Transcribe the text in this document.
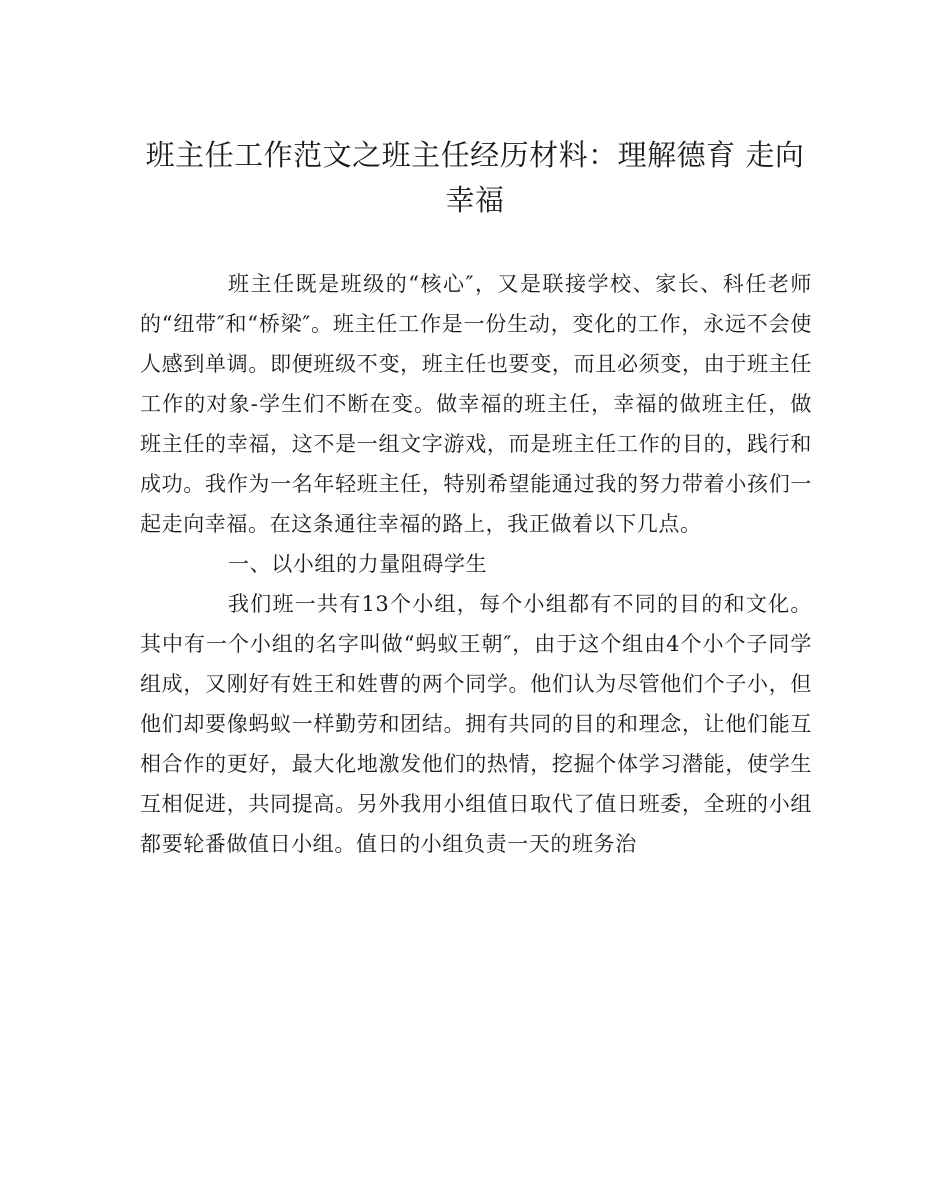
班主任工作范文之班主任经历材料：理解德育 走向幸福

班主任既是班级的“核心″，又是联接学校、家长、科任老师的“纽带″和“桥梁″。班主任工作是一份生动，变化的工作，永远不会使人感到单调。即便班级不变，班主任也要变，而且必须变，由于班主任工作的对象-学生们不断在变。做幸福的班主任，幸福的做班主任，做班主任的幸福，这不是一组文字游戏，而是班主任工作的目的，践行和成功。我作为一名年轻班主任，特别希望能通过我的努力带着小孩们一起走向幸福。在这条通往幸福的路上，我正做着以下几点。

一、以小组的力量阻碍学生

我们班一共有13个小组，每个小组都有不同的目的和文化。其中有一个小组的名字叫做“蚂蚁王朝″，由于这个组由4个小个子同学组成，又刚好有姓王和姓曹的两个同学。他们认为尽管他们个子小，但他们却要像蚂蚁一样勤劳和团结。拥有共同的目的和理念，让他们能互相合作的更好，最大化地激发他们的热情，挖掘个体学习潜能，使学生互相促进，共同提高。另外我用小组值日取代了值日班委，全班的小组都要轮番做值日小组。值日的小组负责一天的班务治
